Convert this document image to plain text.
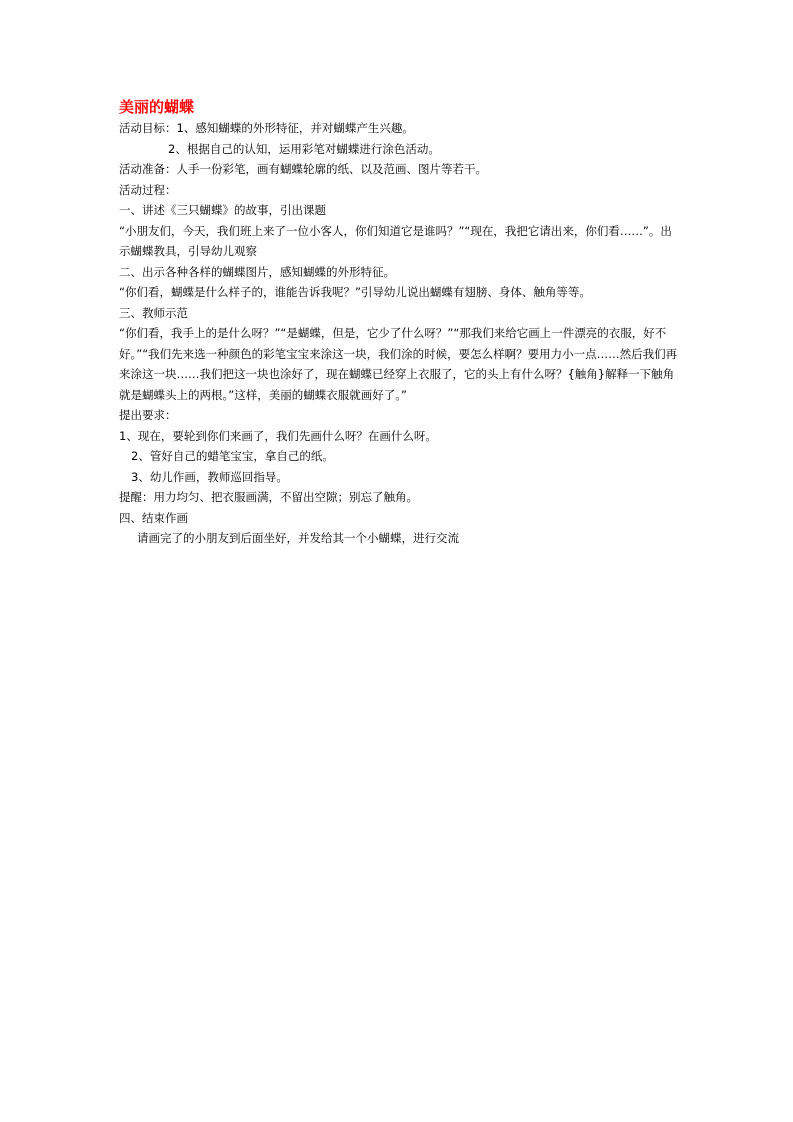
美丽的蝴蝶
活动目标：1、感知蝴蝶的外形特征，并对蝴蝶产生兴趣。
2、根据自己的认知，运用彩笔对蝴蝶进行涂色活动。
活动准备：人手一份彩笔，画有蝴蝶轮廓的纸、以及范画、图片等若干。
活动过程：
一、讲述《三只蝴蝶》的故事，引出课题
“小朋友们，今天，我们班上来了一位小客人，你们知道它是谁吗？”“现在，我把它请出来，你们看……”。出示蝴蝶教具，引导幼儿观察
二、出示各种各样的蝴蝶图片，感知蝴蝶的外形特征。
“你们看，蝴蝶是什么样子的，谁能告诉我呢？”引导幼儿说出蝴蝶有翅膀、身体、触角等等。
三、教师示范
“你们看，我手上的是什么呀？”“是蝴蝶，但是，它少了什么呀？”“那我们来给它画上一件漂亮的衣服，好不好。”“我们先来选一种颜色的彩笔宝宝来涂这一块，我们涂的时候，要怎么样啊？要用力小一点……然后我们再来涂这一块……我们把这一块也涂好了，现在蝴蝶已经穿上衣服了，它的头上有什么呀？{触角}解释一下触角就是蝴蝶头上的两根。”这样，美丽的蝴蝶衣服就画好了。”
提出要求：
1、现在，要轮到你们来画了，我们先画什么呀？在画什么呀。
2、管好自己的蜡笔宝宝，拿自己的纸。
3、幼儿作画，教师巡回指导。
提醒：用力均匀、把衣服画满，不留出空隙；别忘了触角。
四、结束作画
请画完了的小朋友到后面坐好，并发给其一个小蝴蝶，进行交流
